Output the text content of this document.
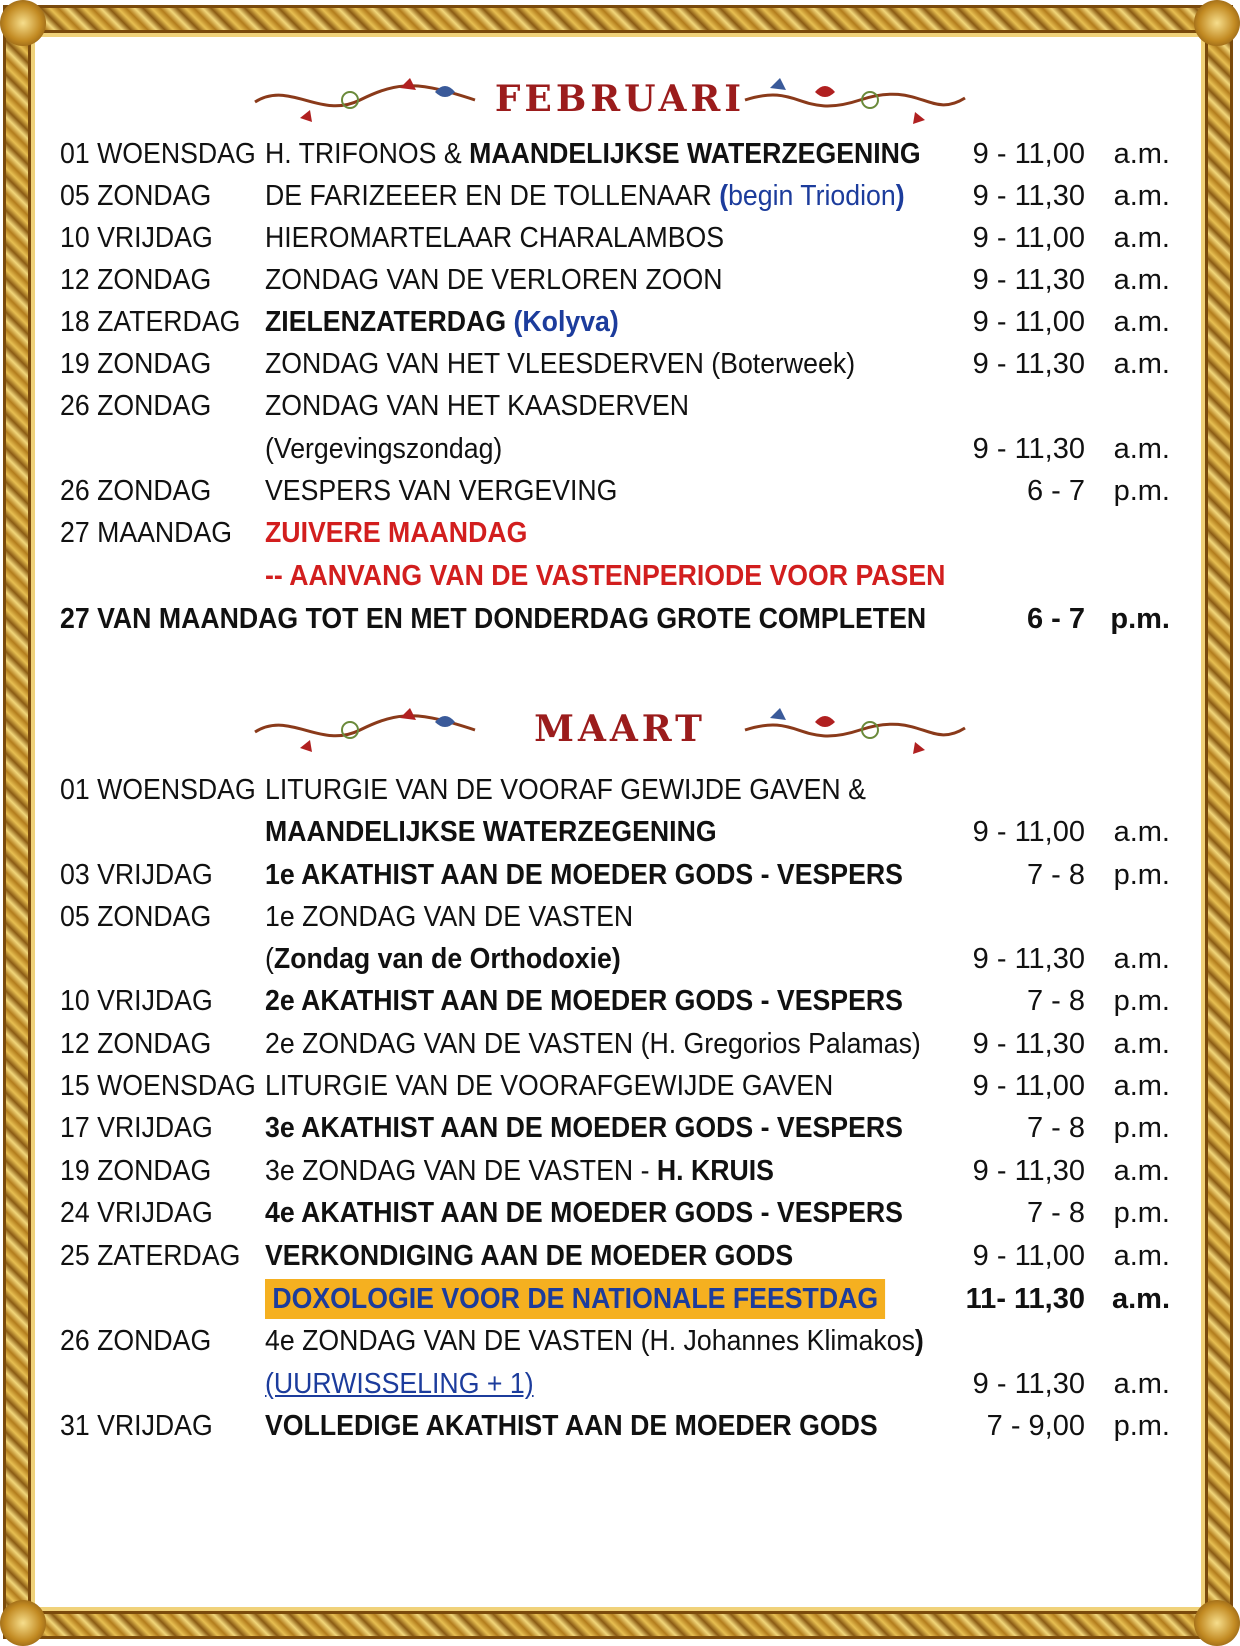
FEBRUARI
01 WOENSDAG H. TRIFONOS & MAANDELIJKSE WATERZEGENING 9 - 11,00 a.m.
05 ZONDAG DE FARIZEEER EN DE TOLLENAAR (begin Triodion) 9 - 11,30 a.m.
10 VRIJDAG HIEROMARTELAAR CHARALAMBOS	9 - 11,00 a.m.
12 ZONDAG ZONDAG VAN DE VERLOREN ZOON	9 - 11,30 a.m.
18 ZATERDAG ZIELENZATERDAG (Kolyva)	9 - 11,00 a.m.
19 ZONDAG ZONDAG VAN HET VLEESDERVEN (Boterweek)	9 - 11,30 a.m.
26 ZONDAG ZONDAG VAN HET KAASDERVEN
(Vergevingszondag)	9 - 11,30 a.m.
26 ZONDAG VESPERS VAN VERGEVING	6 - 7 p.m.
27 MAANDAG ZUIVERE MAANDAG
-- AANVANG VAN DE VASTENPERIODE VOOR PASEN
27 VAN MAANDAG TOT EN MET DONDERDAG GROTE COMPLETEN	6 - 7 p.m.
MAART
01 WOENSDAG LITURGIE VAN DE VOORAF GEWIJDE GAVEN &
MAANDELIJKSE WATERZEGENING	9 - 11,00 a.m.
03 VRIJDAG 1e AKATHIST AAN DE MOEDER GODS - VESPERS	7 - 8 p.m.
05 ZONDAG 1e ZONDAG VAN DE VASTEN
(Zondag van de Orthodoxie)	9 - 11,30 a.m.
10 VRIJDAG 2e AKATHIST AAN DE MOEDER GODS - VESPERS	7 - 8 p.m.
12 ZONDAG 2e ZONDAG VAN DE VASTEN (H. Gregorios Palamas) 9 - 11,30 a.m.
15 WOENSDAG LITURGIE VAN DE VOORAFGEWIJDE GAVEN	9 - 11,00 a.m.
17 VRIJDAG 3e AKATHIST AAN DE MOEDER GODS - VESPERS	7 - 8 p.m.
19 ZONDAG 3e ZONDAG VAN DE VASTEN - H. KRUIS	9 - 11,30 a.m.
24 VRIJDAG 4e AKATHIST AAN DE MOEDER GODS - VESPERS	7 - 8 p.m.
25 ZATERDAG VERKONDIGING AAN DE MOEDER GODS	9 - 11,00 a.m.
DOXOLOGIE VOOR DE NATIONALE FEESTDAG	11- 11,30 a.m.
26 ZONDAG 4e ZONDAG VAN DE VASTEN (H. Johannes Klimakos)
(UURWISSELING + 1)	9 - 11,30 a.m.
31 VRIJDAG VOLLEDIGE AKATHIST AAN DE MOEDER GODS	7 - 9,00 p.m.
